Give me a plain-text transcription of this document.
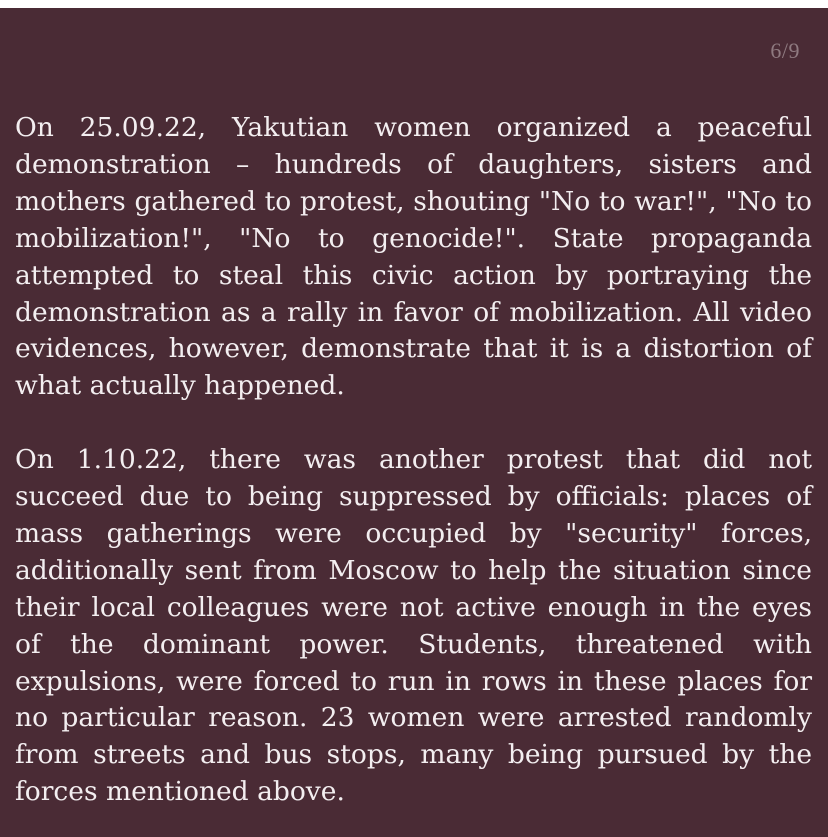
6/9

On 25.09.22, Yakutian women organized a peaceful demonstration – hundreds of daughters, sisters and mothers gathered to protest, shouting "No to war!", "No to mobilization!", "No to genocide!". State propaganda attempted to steal this civic action by portraying the demonstration as a rally in favor of mobilization. All video evidences, however, demonstrate that it is a distortion of what actually happened.

On 1.10.22, there was another protest that did not succeed due to being suppressed by officials: places of mass gatherings were occupied by "security" forces, additionally sent from Moscow to help the situation since their local colleagues were not active enough in the eyes of the dominant power. Students, threatened with expulsions, were forced to run in rows in these places for no particular reason. 23 women were arrested randomly from streets and bus stops, many being pursued by the forces mentioned above.
